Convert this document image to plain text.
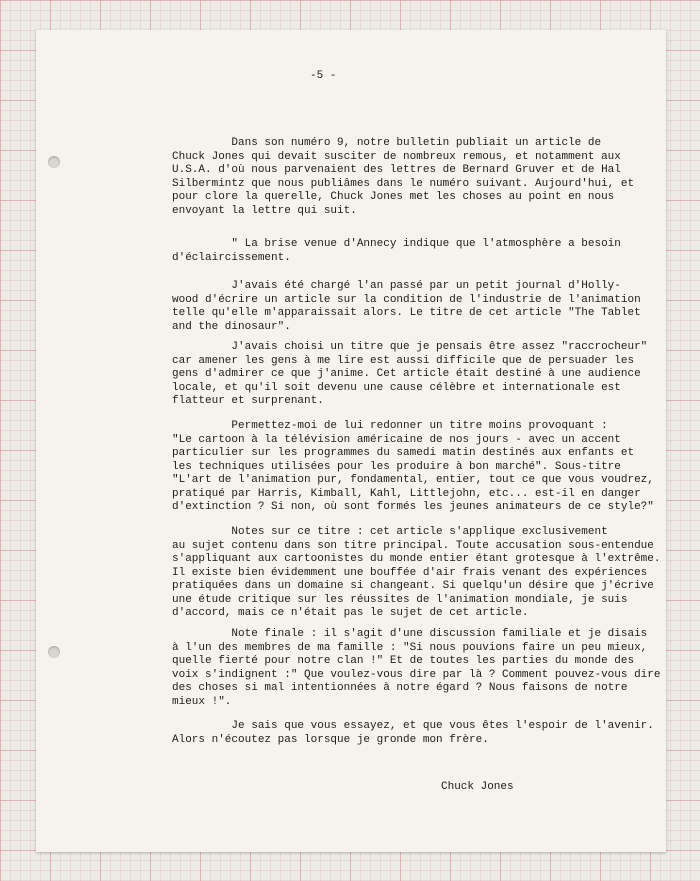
-5 -

Dans son numéro 9, notre bulletin publiait un article de
Chuck Jones qui devait susciter de nombreux remous, et notamment aux
U.S.A. d'où nous parvenaient des lettres de Bernard Gruver et de Hal
Silbermintz que nous publiâmes dans le numéro suivant. Aujourd'hui, et
pour clore la querelle, Chuck Jones met les choses au point en nous
envoyant la lettre qui suit.

" La brise venue d'Annecy indique que l'atmosphère a besoin
d'éclaircissement.

J'avais été chargé l'an passé par un petit journal d'Holly-
wood d'écrire un article sur la condition de l'industrie de l'animation
telle qu'elle m'apparaissait alors. Le titre de cet article "The Tablet
and the dinosaur".

J'avais choisi un titre que je pensais être assez "raccrocheur"
car amener les gens à me lire est aussi difficile que de persuader les
gens d'admirer ce que j'anime. Cet article était destiné à une audience
locale, et qu'il soit devenu une cause célèbre et internationale est
flatteur et surprenant.

Permettez-moi de lui redonner un titre moins provoquant :
"Le cartoon à la télévision américaine de nos jours - avec un accent
particulier sur les programmes du samedi matin destinés aux enfants et
les techniques utilisées pour les produire à bon marché". Sous-titre
"L'art de l'animation pur, fondamental, entier, tout ce que vous voudrez,
pratiqué par Harris, Kimball, Kahl, Littlejohn, etc... est-il en danger
d'extinction ? Si non, où sont formés les jeunes animateurs de ce style?"

Notes sur ce titre : cet article s'applique exclusivement
au sujet contenu dans son titre principal. Toute accusation sous-entendue
s'appliquant aux cartoonistes du monde entier étant grotesque à l'extrême.
Il existe bien évidemment une bouffée d'air frais venant des expériences
pratiquées dans un domaine si changeant. Si quelqu'un désire que j'écrive
une étude critique sur les réussites de l'animation mondiale, je suis
d'accord, mais ce n'était pas le sujet de cet article.

Note finale : il s'agit d'une discussion familiale et je disais
à l'un des membres de ma famille : "Si nous pouvions faire un peu mieux,
quelle fierté pour notre clan !" Et de toutes les parties du monde des
voix s'indignent :" Que voulez-vous dire par là ? Comment pouvez-vous dire
des choses si mal intentionnées à notre égard ? Nous faisons de notre
mieux !".

Je sais que vous essayez, et que vous êtes l'espoir de l'avenir.
Alors n'écoutez pas lorsque je gronde mon frère.

Chuck Jones
